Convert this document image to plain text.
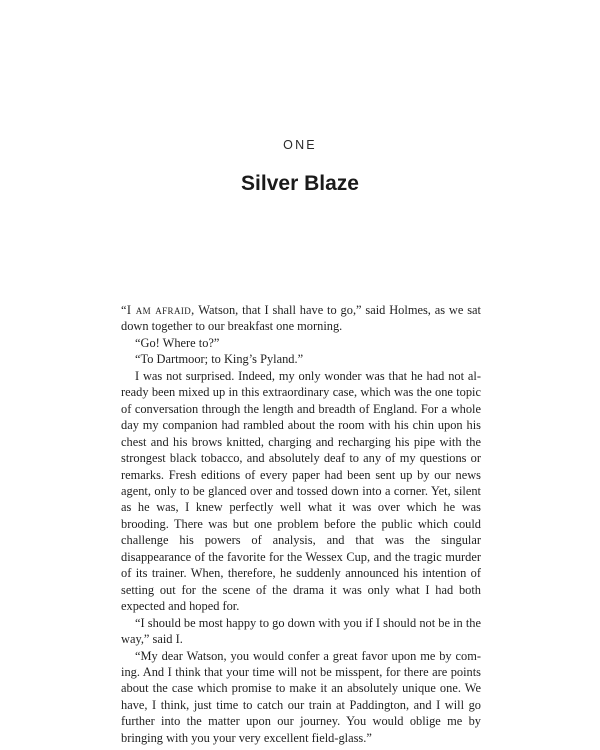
ONE
Silver Blaze

“I am afraid, Watson, that I shall have to go,” said Holmes, as we sat down together to our breakfast one morning.

“Go! Where to?”

“To Dartmoor; to King’s Pyland.”

I was not surprised. Indeed, my only wonder was that he had not already been mixed up in this extraordinary case, which was the one topic of conversation through the length and breadth of England. For a whole day my companion had rambled about the room with his chin upon his chest and his brows knitted, charging and recharging his pipe with the strongest black tobacco, and absolutely deaf to any of my questions or remarks. Fresh editions of every paper had been sent up by our news agent, only to be glanced over and tossed down into a corner. Yet, silent as he was, I knew perfectly well what it was over which he was brooding. There was but one problem before the public which could challenge his powers of analysis, and that was the singular disappearance of the favorite for the Wessex Cup, and the tragic murder of its trainer. When, therefore, he suddenly announced his intention of setting out for the scene of the drama it was only what I had both expected and hoped for.

“I should be most happy to go down with you if I should not be in the way,” said I.

“My dear Watson, you would confer a great favor upon me by coming. And I think that your time will not be misspent, for there are points about the case which promise to make it an absolutely unique one. We have, I think, just time to catch our train at Paddington, and I will go further into the matter upon our journey. You would oblige me by bringing with you your very excellent field-glass.”
